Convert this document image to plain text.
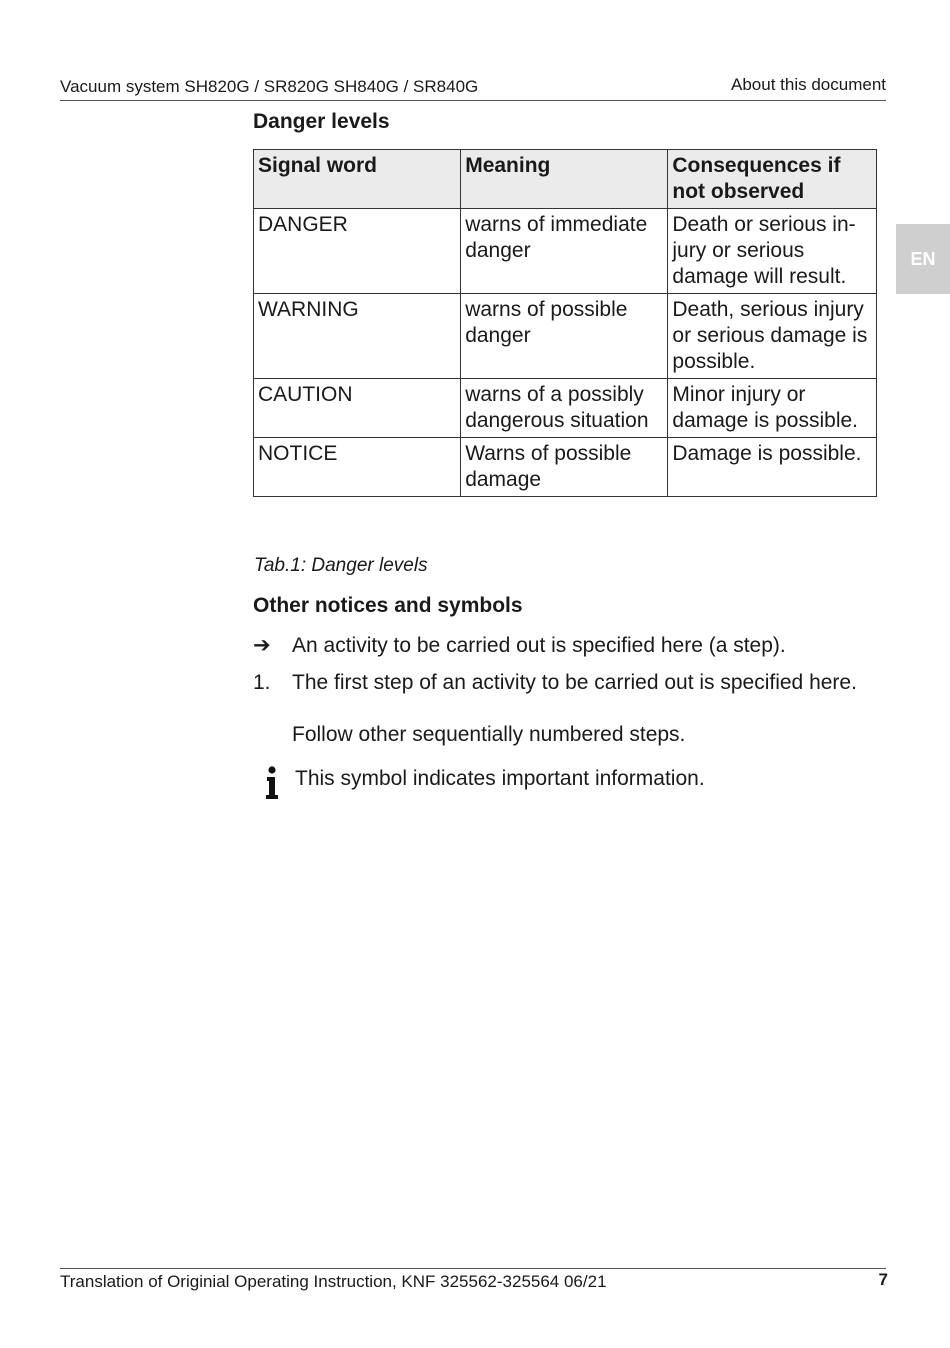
Vacuum system SH820G / SR820G SH840G / SR840G	About this document
EN
Danger levels
Signal word	Meaning	Consequences if not observed
DANGER	warns of immediate danger	Death or serious injury or serious damage will result.
WARNING	warns of possible danger	Death, serious injury or serious damage is possible.
CAUTION	warns of a possibly dangerous situation	Minor injury or damage is possible.
NOTICE	Warns of possible damage	Damage is possible.
Tab.1: Danger levels
Other notices and symbols
➔	An activity to be carried out is specified here (a step).
1.	The first step of an activity to be carried out is specified here.
Follow other sequentially numbered steps.
This symbol indicates important information.
Translation of Originial Operating Instruction, KNF 325562-325564 06/21	7
